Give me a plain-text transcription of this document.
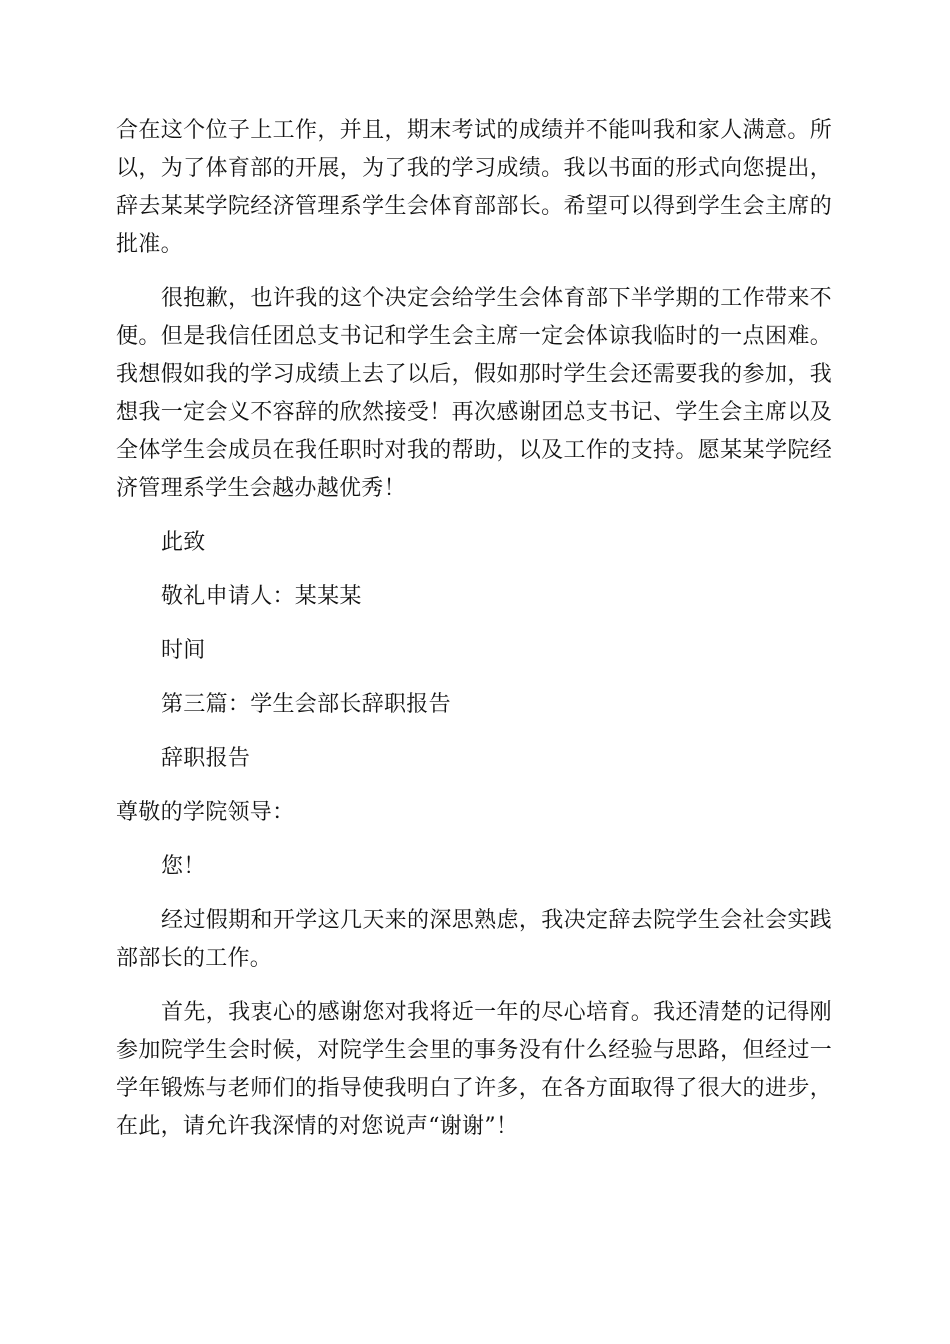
合在这个位子上工作，并且，期末考试的成绩并不能叫我和家人满意。所以，为了体育部的开展，为了我的学习成绩。我以书面的形式向您提出，辞去某某学院经济管理系学生会体育部部长。希望可以得到学生会主席的批准。

很抱歉，也许我的这个决定会给学生会体育部下半学期的工作带来不便。但是我信任团总支书记和学生会主席一定会体谅我临时的一点困难。我想假如我的学习成绩上去了以后，假如那时学生会还需要我的参加，我想我一定会义不容辞的欣然接受！再次感谢团总支书记、学生会主席以及全体学生会成员在我任职时对我的帮助，以及工作的支持。愿某某学院经济管理系学生会越办越优秀！

此致

敬礼申请人：某某某

时间

第三篇：学生会部长辞职报告

辞职报告

尊敬的学院领导：

您！

经过假期和开学这几天来的深思熟虑，我决定辞去院学生会社会实践部部长的工作。

首先，我衷心的感谢您对我将近一年的尽心培育。我还清楚的记得刚参加院学生会时候，对院学生会里的事务没有什么经验与思路，但经过一学年锻炼与老师们的指导使我明白了许多，在各方面取得了很大的进步，在此，请允许我深情的对您说声“谢谢”！
